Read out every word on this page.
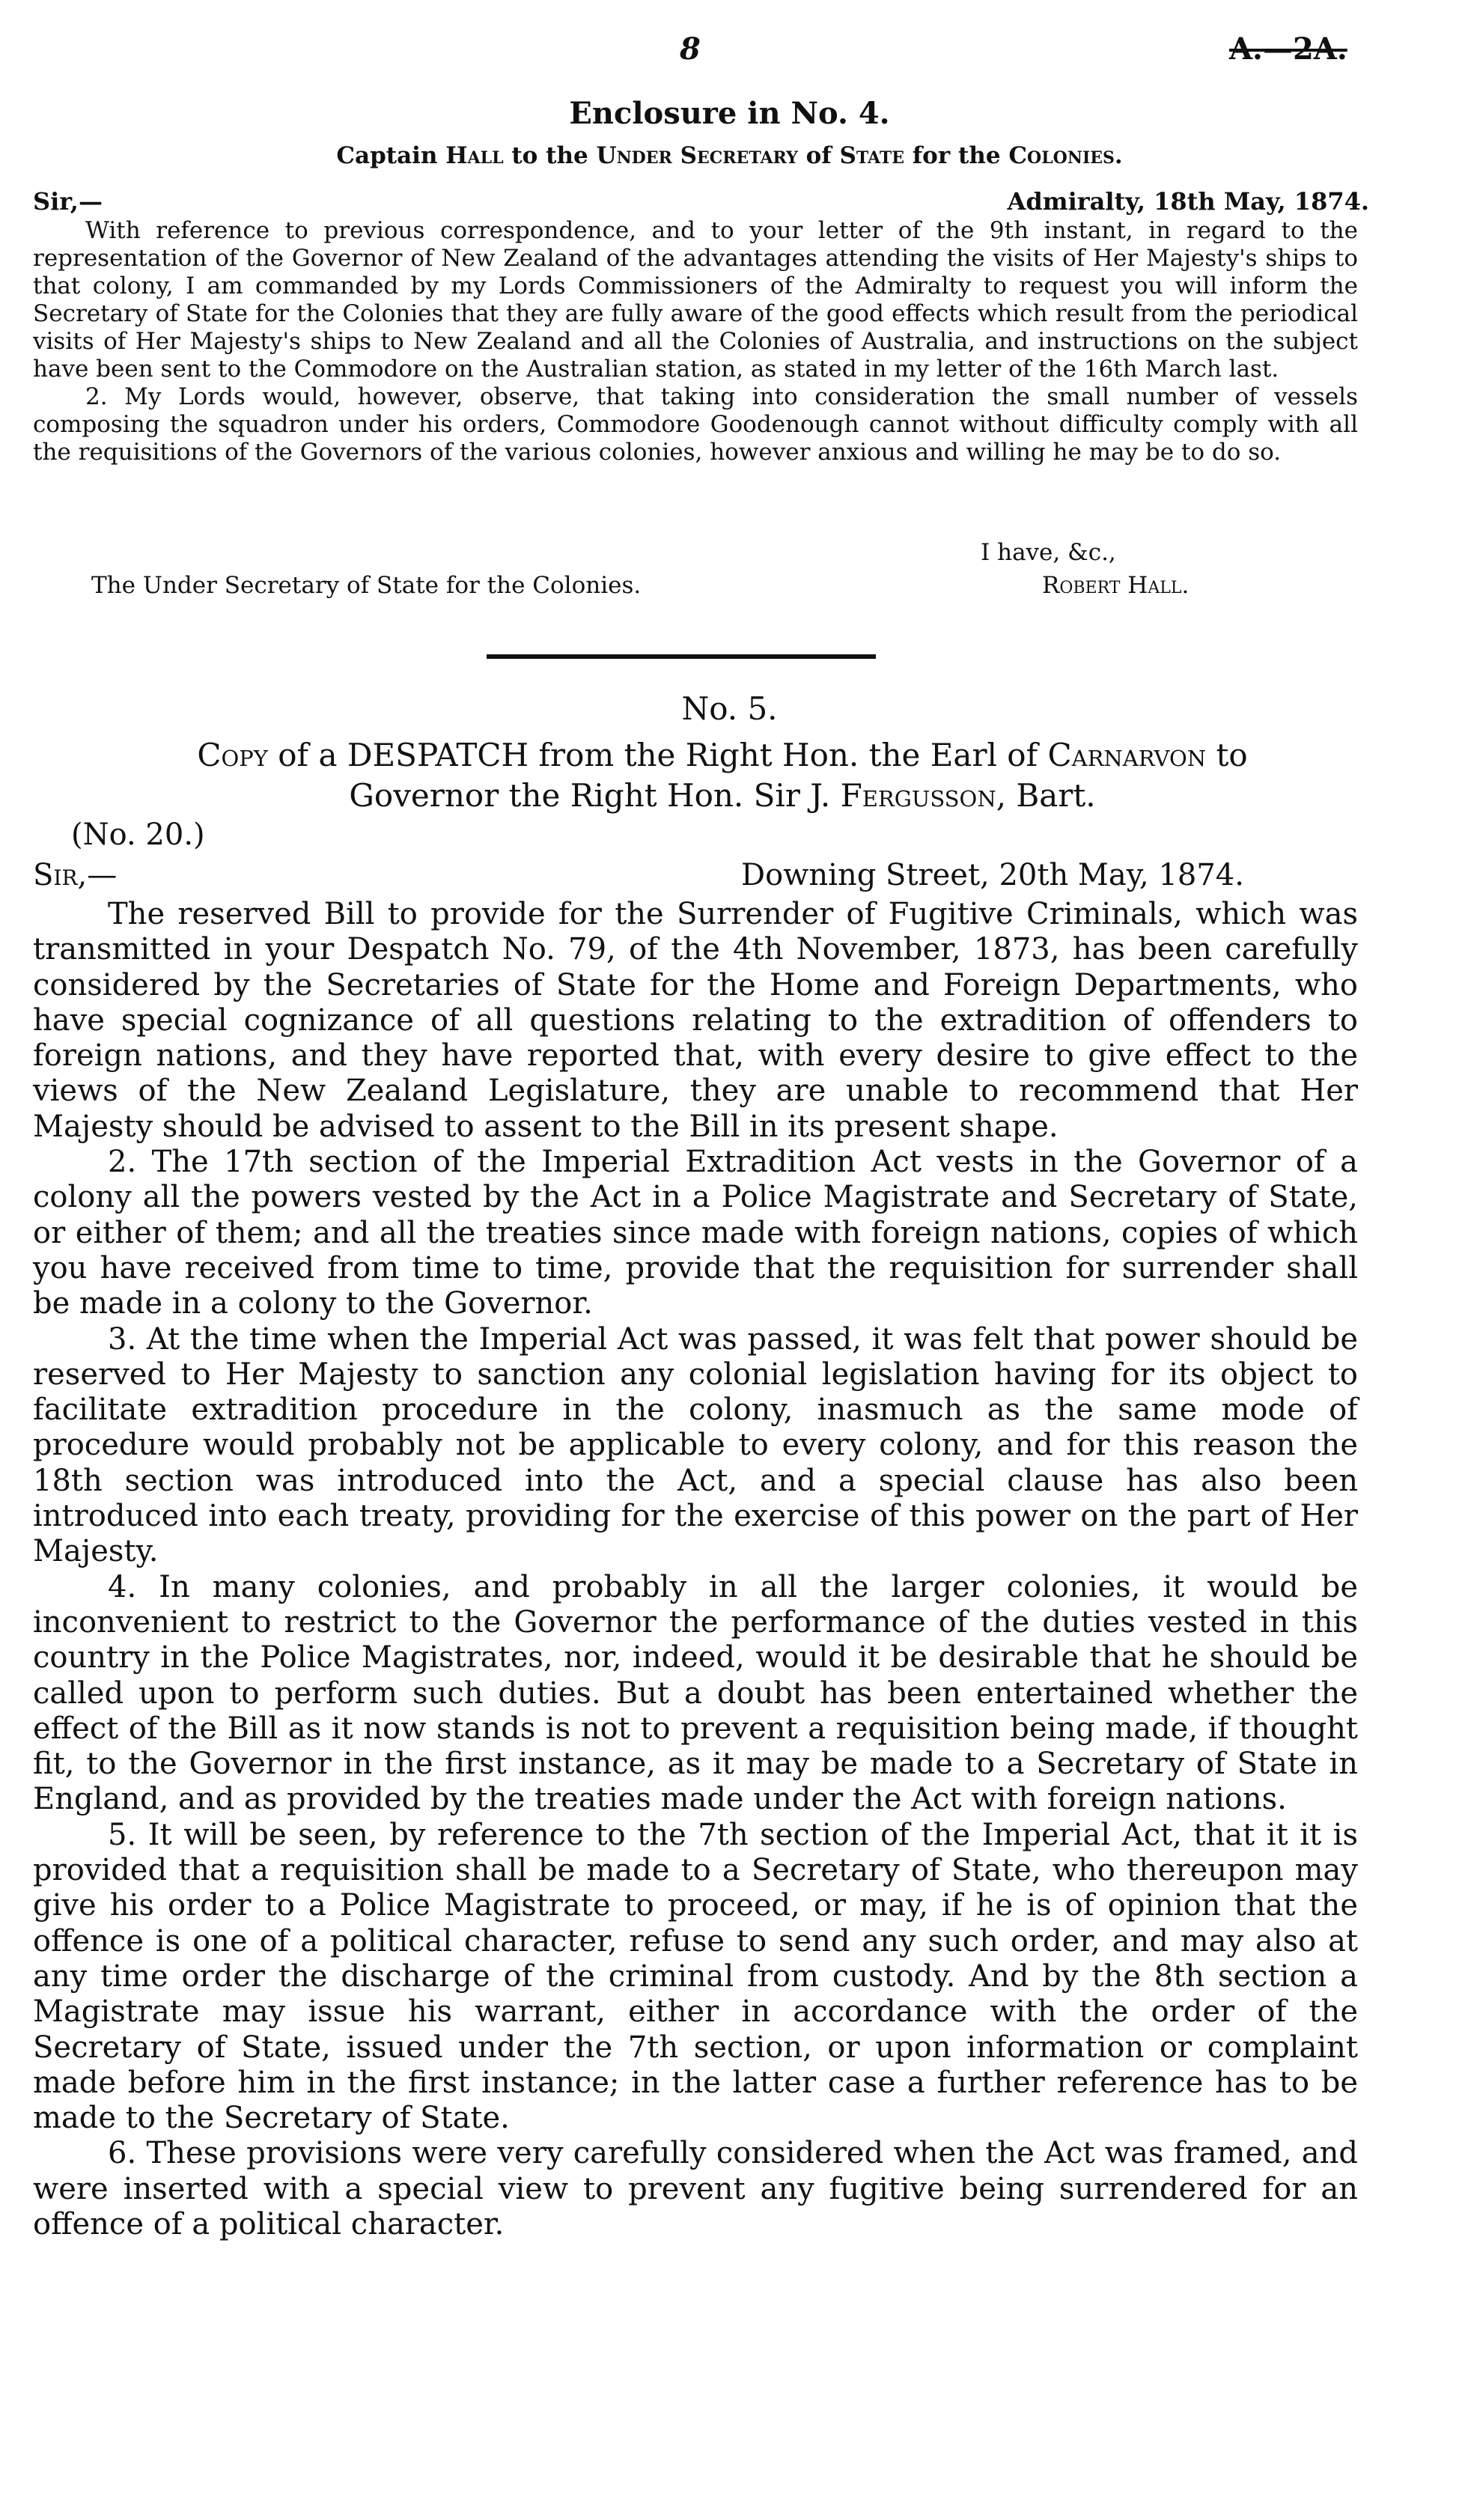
8	A.—2A.
Enclosure in No. 4.
Captain Hall to the Under Secretary of State for the Colonies.
Sir,—	Admiralty, 18th May, 1874.

With reference to previous correspondence, and to your letter of the 9th instant, in regard to the representation of the Governor of New Zealand of the advantages attending the visits of Her Majesty's ships to that colony, I am commanded by my Lords Commissioners of the Admiralty to request you will inform the Secretary of State for the Colonies that they are fully aware of the good effects which result from the periodical visits of Her Majesty's ships to New Zealand and all the Colonies of Australia, and instructions on the subject have been sent to the Commodore on the Australian station, as stated in my letter of the 16th March last.

2. My Lords would, however, observe, that taking into consideration the small number of vessels composing the squadron under his orders, Commodore Goodenough cannot without difficulty comply with all the requisitions of the Governors of the various colonies, however anxious and willing he may be to do so.

I have, &c.,
The Under Secretary of State for the Colonies.	Robert Hall.
No. 5.
Copy of a DESPATCH from the Right Hon. the Earl of Carnarvon to
Governor the Right Hon. Sir J. Fergusson, Bart.
(No. 20.)
Sir,—	Downing Street, 20th May, 1874.

The reserved Bill to provide for the Surrender of Fugitive Criminals, which was transmitted in your Despatch No. 79, of the 4th November, 1873, has been carefully considered by the Secretaries of State for the Home and Foreign Departments, who have special cognizance of all questions relating to the extradition of offenders to foreign nations, and they have reported that, with every desire to give effect to the views of the New Zealand Legislature, they are unable to recommend that Her Majesty should be advised to assent to the Bill in its present shape.

2. The 17th section of the Imperial Extradition Act vests in the Governor of a colony all the powers vested by the Act in a Police Magistrate and Secretary of State, or either of them; and all the treaties since made with foreign nations, copies of which you have received from time to time, provide that the requisition for surrender shall be made in a colony to the Governor.

3. At the time when the Imperial Act was passed, it was felt that power should be reserved to Her Majesty to sanction any colonial legislation having for its object to facilitate extradition procedure in the colony, inasmuch as the same mode of procedure would probably not be applicable to every colony, and for this reason the 18th section was introduced into the Act, and a special clause has also been introduced into each treaty, providing for the exercise of this power on the part of Her Majesty.

4. In many colonies, and probably in all the larger colonies, it would be inconvenient to restrict to the Governor the performance of the duties vested in this country in the Police Magistrates, nor, indeed, would it be desirable that he should be called upon to perform such duties. But a doubt has been entertained whether the effect of the Bill as it now stands is not to prevent a requisition being made, if thought fit, to the Governor in the first instance, as it may be made to a Secretary of State in England, and as provided by the treaties made under the Act with foreign nations.

5. It will be seen, by reference to the 7th section of the Imperial Act, that it it is provided that a requisition shall be made to a Secretary of State, who thereupon may give his order to a Police Magistrate to proceed, or may, if he is of opinion that the offence is one of a political character, refuse to send any such order, and may also at any time order the discharge of the criminal from custody. And by the 8th section a Magistrate may issue his warrant, either in accordance with the order of the Secretary of State, issued under the 7th section, or upon information or complaint made before him in the first instance; in the latter case a further reference has to be made to the Secretary of State.

6. These provisions were very carefully considered when the Act was framed, and were inserted with a special view to prevent any fugitive being surrendered for an offence of a political character.
